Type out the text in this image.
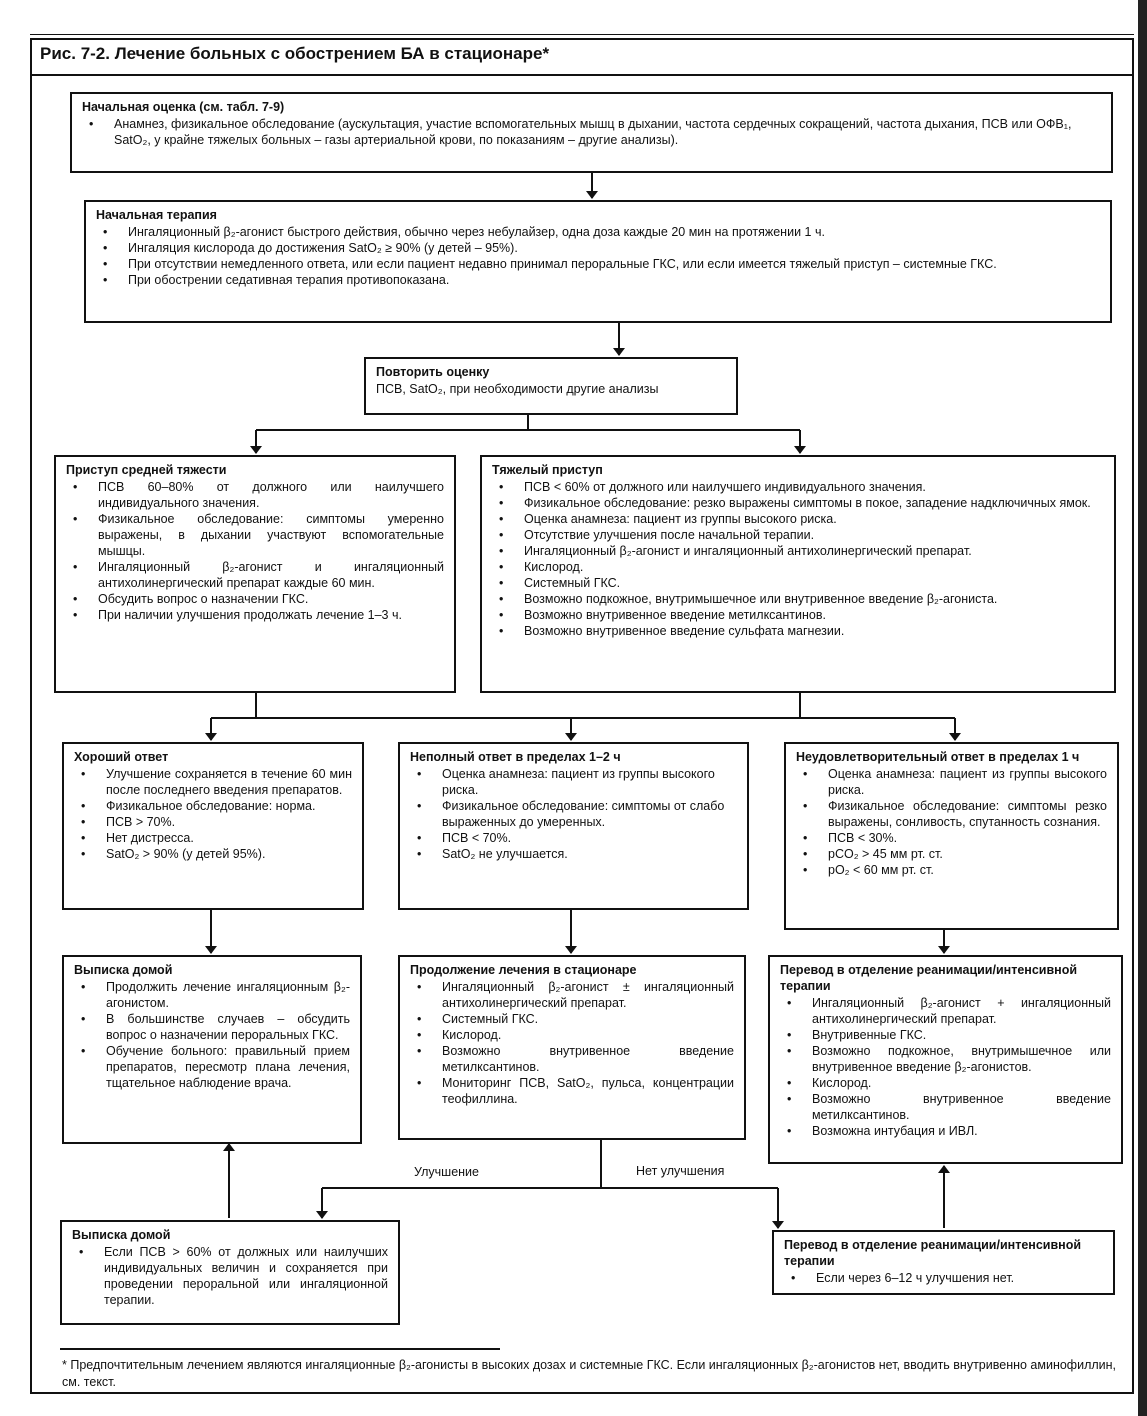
Рис. 7-2. Лечение больных с обострением БА в стационаре*
Улучшение	Нет улучшения
Начальная оценка (см. табл. 7-9)
• Анамнез, физикальное обследование (аускультация, участие вспомогательных мышц в дыхании, частота сердечных сокращений, частота дыхания, ПСВ или ОФВ₁, SatO₂, у крайне тяжелых больных – газы артериальной крови, по показаниям – другие анализы).
Начальная терапия
• Ингаляционный β₂-агонист быстрого действия, обычно через небулайзер, одна доза каждые 20 мин на протяжении 1 ч.
• Ингаляция кислорода до достижения SatO₂ ≥ 90% (у детей – 95%).
• При отсутствии немедленного ответа, или если пациент недавно принимал пероральные ГКС, или если имеется тяжелый приступ – системные ГКС.
• При обострении седативная терапия противопоказана.
Повторить оценку

ПСВ, SatO₂, при необходимости другие анализы

Приступ средней тяжести
• ПСВ 60–80% от должного или наилучшего индивидуального значения.
• Физикальное обследование: симптомы умеренно выражены, в дыхании участвуют вспомогательные мышцы.
• Ингаляционный β₂-агонист и ингаляционный антихолинергический препарат каждые 60 мин.
• Обсудить вопрос о назначении ГКС.
• При наличии улучшения продолжать лечение 1–3 ч.
Тяжелый приступ
• ПСВ < 60% от должного или наилучшего индивидуального значения.
• Физикальное обследование: резко выражены симптомы в покое, западение надключичных ямок.
• Оценка анамнеза: пациент из группы высокого риска.
• Отсутствие улучшения после начальной терапии.
• Ингаляционный β₂-агонист и ингаляционный антихолинергический препарат.
• Кислород.
• Системный ГКС.
• Возможно подкожное, внутримышечное или внутривенное введение β₂-агониста.
• Возможно внутривенное введение метилксантинов.
• Возможно внутривенное введение сульфата магнезии.
Хороший ответ
• Улучшение сохраняется в течение 60 мин после последнего введения препаратов.
• Физикальное обследование: норма.
• ПСВ > 70%.
• Нет дистресса.
• SatO₂ > 90% (у детей 95%).
Неполный ответ в пределах 1–2 ч
• Оценка анамнеза: пациент из группы высокого риска.
• Физикальное обследование: симптомы от слабо выраженных до умеренных.
• ПСВ < 70%.
• SatO₂ не улучшается.
Неудовлетворительный ответ в пределах 1 ч
• Оценка анамнеза: пациент из группы высокого риска.
• Физикальное обследование: симптомы резко выражены, сонливость, спутанность сознания.
• ПСВ < 30%.
• pCO₂ > 45 мм рт. ст.
• pO₂ < 60 мм рт. ст.
Выписка домой
• Продолжить лечение ингаляционным β₂-агонистом.
• В большинстве случаев – обсудить вопрос о назначении пероральных ГКС.
• Обучение больного: правильный прием препаратов, пересмотр плана лечения, тщательное наблюдение врача.
Продолжение лечения в стационаре
• Ингаляционный β₂-агонист ± ингаляционный антихолинергический препарат.
• Системный ГКС.
• Кислород.
• Возможно внутривенное введение метилксантинов.
• Мониторинг ПСВ, SatO₂, пульса, концентрации теофиллина.
Перевод в отделение реанимации/интенсивной терапии
• Ингаляционный β₂-агонист + ингаляционный антихолинергический препарат.
• Внутривенные ГКС.
• Возможно подкожное, внутримышечное или внутривенное введение β₂-агонистов.
• Кислород.
• Возможно внутривенное введение метилксантинов.
• Возможна интубация и ИВЛ.
Выписка домой
• Если ПСВ > 60% от должных или наилучших индивидуальных величин и сохраняется при проведении пероральной или ингаляционной терапии.
Перевод в отделение реанимации/интенсивной терапии
• Если через 6–12 ч улучшения нет.
* Предпочтительным лечением являются ингаляционные β₂-агонисты в высоких дозах и системные ГКС. Если ингаляционных β₂-агонистов нет, вводить внутривенно аминофиллин, см. текст.
